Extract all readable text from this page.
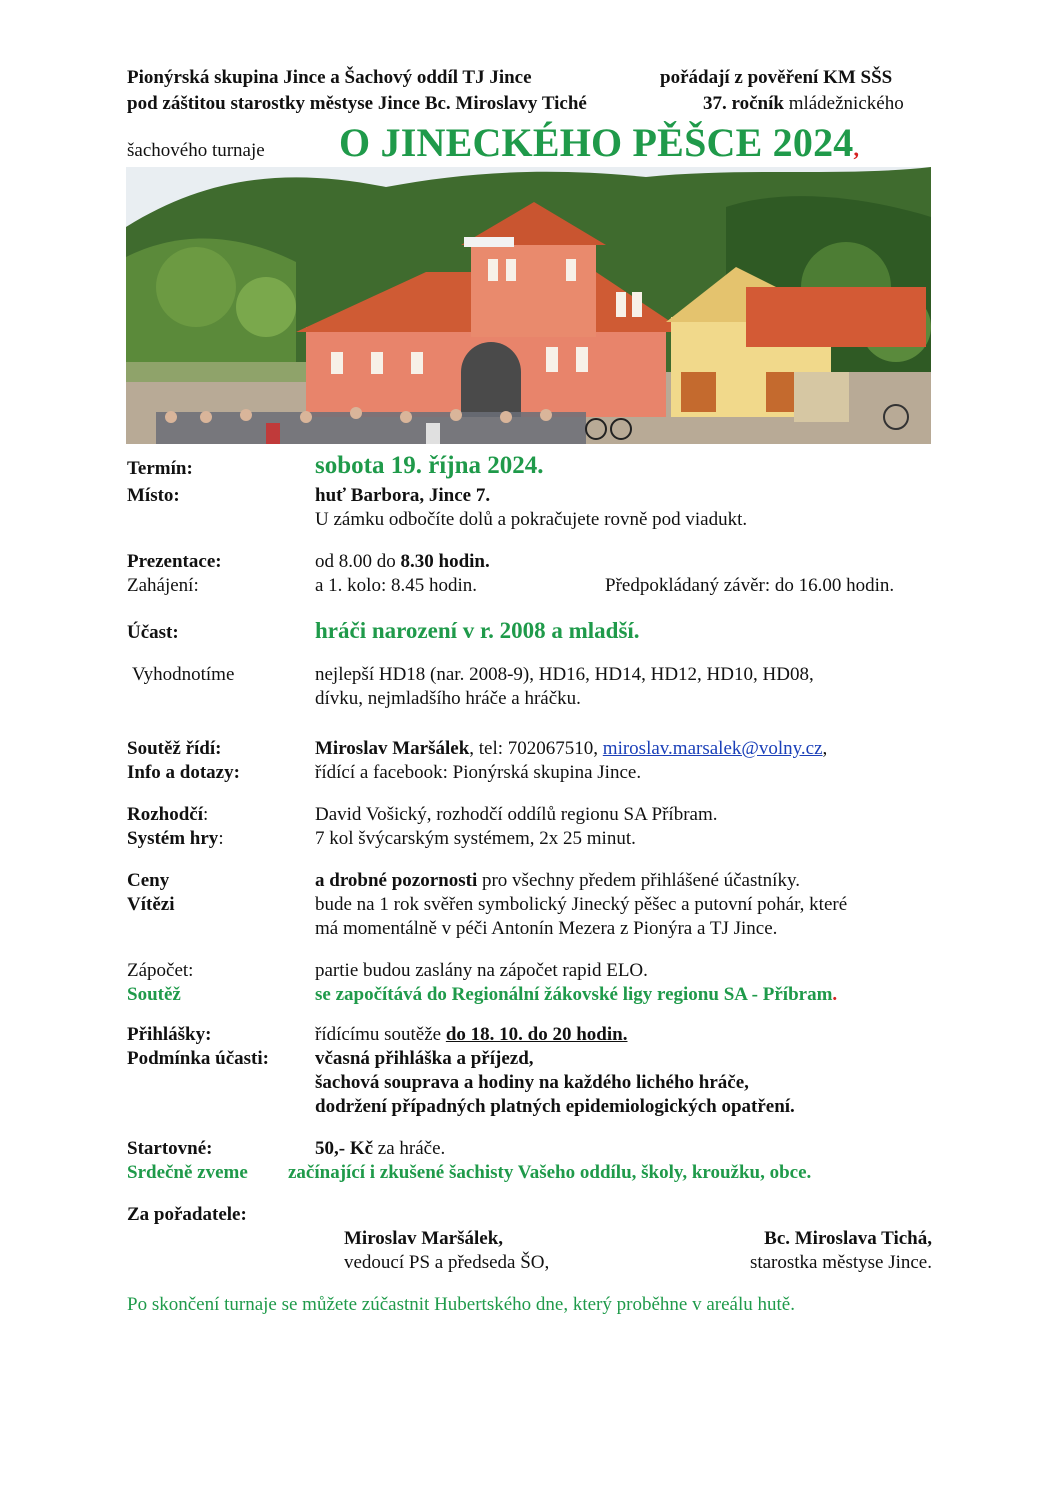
Pionýrská skupina Jince a Šachový oddíl TJ Jince	pořádají z pověření KM SŠS
pod záštitou starostky městyse Jince Bc. Miroslavy Tiché	37. ročník mládežnického
šachového turnaje O JINECKÉHO PĚŠCE 2024,
Termín:	sobota 19. října 2024.
Místo:	huť Barbora, Jince 7.
U zámku odbočíte dolů a pokračujete rovně pod viadukt.
Prezentace:	od 8.00 do 8.30 hodin.
Zahájení:	a 1. kolo: 8.45 hodin.	Předpokládaný závěr: do 16.00 hodin.
Účast:	hráči narození v r. 2008 a mladší.
Vyhodnotíme	nejlepší HD18 (nar. 2008-9), HD16, HD14, HD12, HD10, HD08,
dívku, nejmladšího hráče a hráčku.
Soutěž řídí:	Miroslav Maršálek, tel: 702067510, miroslav.marsalek@volny.cz,
Info a dotazy:	řídící a facebook: Pionýrská skupina Jince.
Rozhodčí:	David Vošický, rozhodčí oddílů regionu SA Příbram.
Systém hry:	7 kol švýcarským systémem, 2x 25 minut.
Ceny	a drobné pozornosti pro všechny předem přihlášené účastníky.
Vítězi	bude na 1 rok svěřen symbolický Jinecký pěšec a putovní pohár, které
má momentálně v péči Antonín Mezera z Pionýra a TJ Jince.
Zápočet:	partie budou zaslány na zápočet rapid ELO.
Soutěž	se započítává do Regionální žákovské ligy regionu SA - Příbram.
Přihlášky:	řídícímu soutěže do 18. 10. do 20 hodin.
Podmínka účasti: včasná přihláška a příjezd,
šachová souprava a hodiny na každého lichého hráče,
dodržení případných platných epidemiologických opatření.
Startovné:	50,- Kč za hráče.
Srdečně zveme začínající i zkušené šachisty Vašeho oddílu, školy, kroužku, obce.
Za pořadatele:
Miroslav Maršálek,
vedoucí PS a předseda ŠO,
Bc. Miroslava Tichá,
starostka městyse Jince.
Po skončení turnaje se můžete zúčastnit Hubertského dne, který proběhne v areálu hutě.
